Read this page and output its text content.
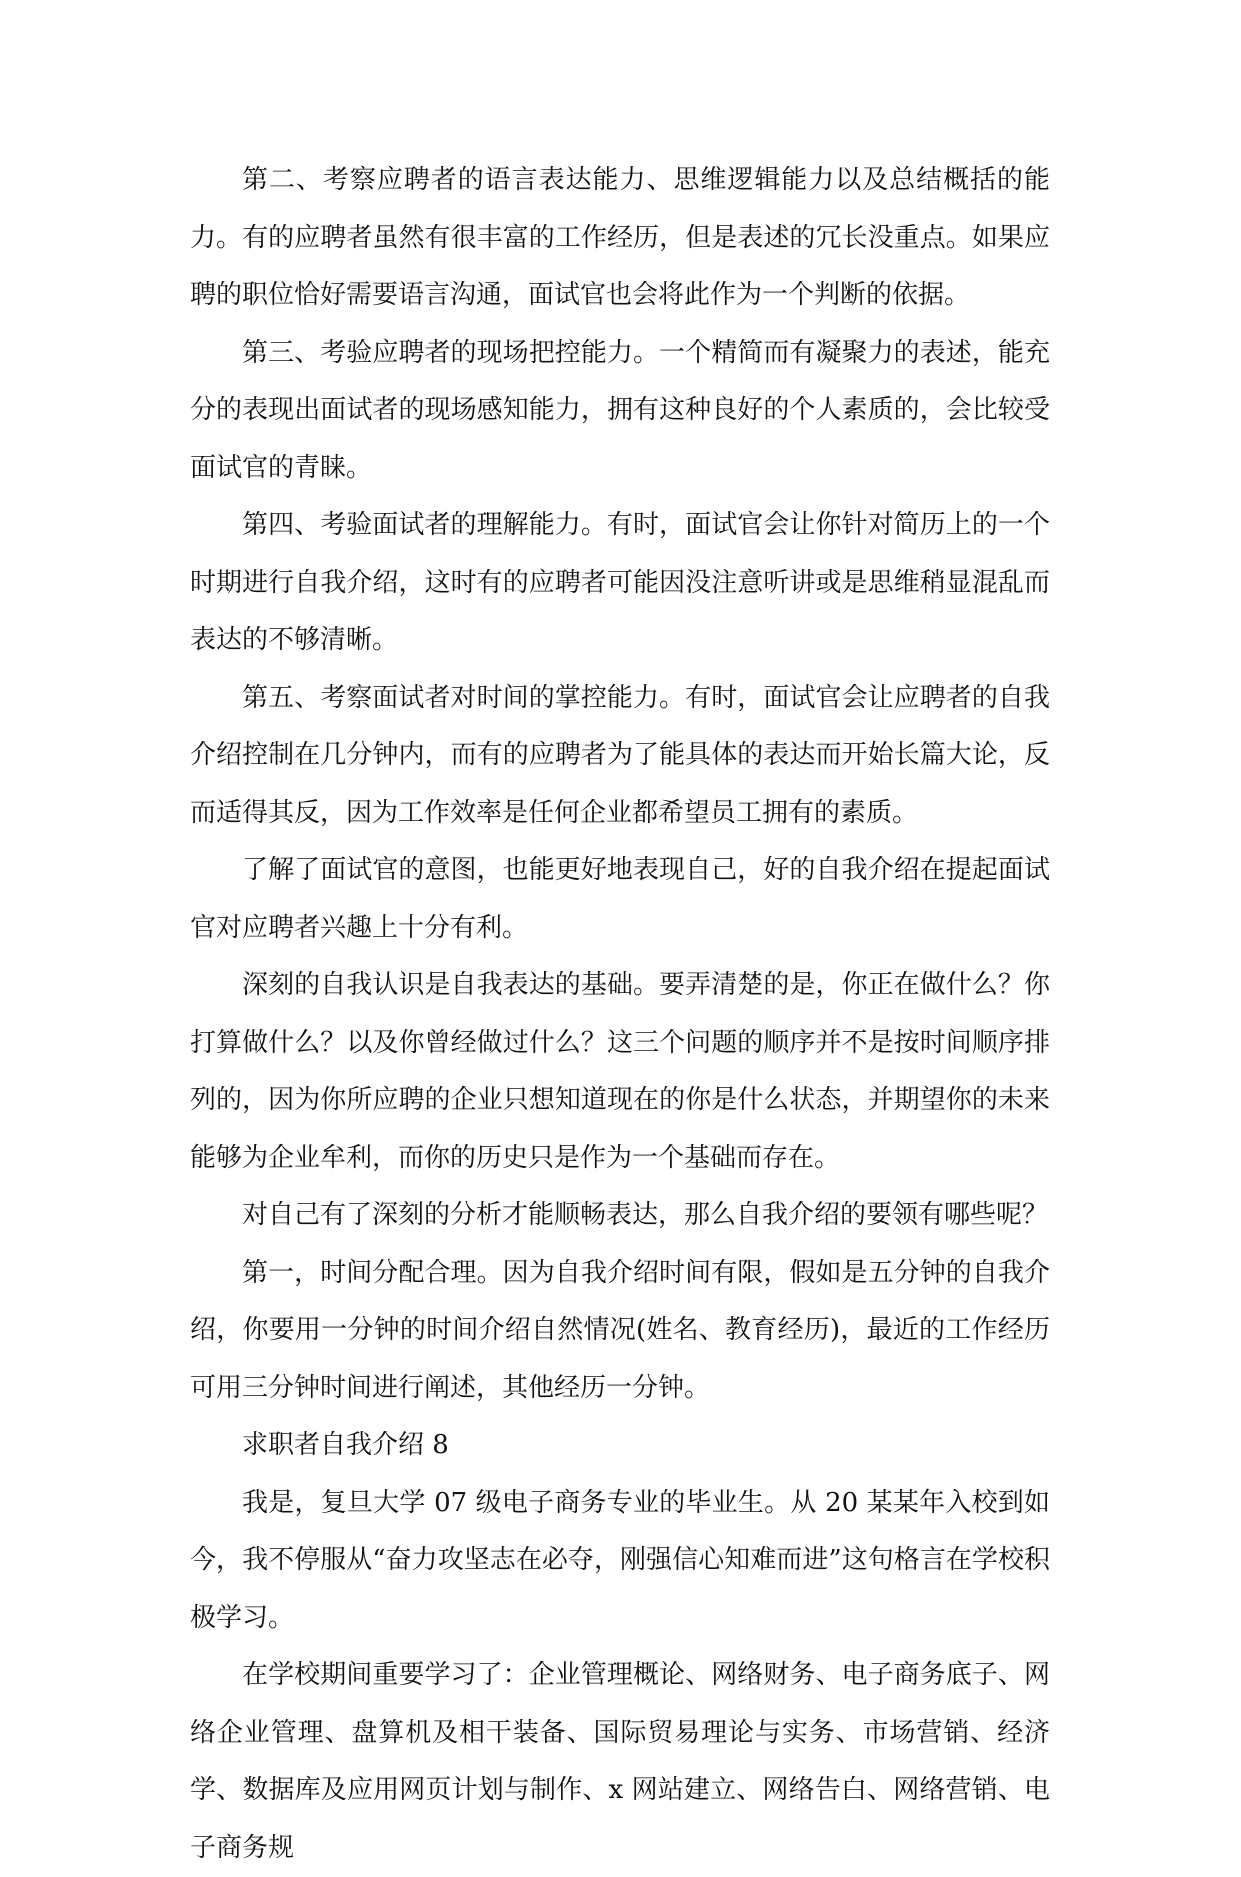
第二、考察应聘者的语言表达能力、思维逻辑能力以及总结概括的能力。有的应聘者虽然有很丰富的工作经历，但是表述的冗长没重点。如果应聘的职位恰好需要语言沟通，面试官也会将此作为一个判断的依据。

第三、考验应聘者的现场把控能力。一个精简而有凝聚力的表述，能充分的表现出面试者的现场感知能力，拥有这种良好的个人素质的，会比较受面试官的青睐。

第四、考验面试者的理解能力。有时，面试官会让你针对简历上的一个时期进行自我介绍，这时有的应聘者可能因没注意听讲或是思维稍显混乱而表达的不够清晰。

第五、考察面试者对时间的掌控能力。有时，面试官会让应聘者的自我介绍控制在几分钟内，而有的应聘者为了能具体的表达而开始长篇大论，反而适得其反，因为工作效率是任何企业都希望员工拥有的素质。

了解了面试官的意图，也能更好地表现自己，好的自我介绍在提起面试官对应聘者兴趣上十分有利。

深刻的自我认识是自我表达的基础。要弄清楚的是，你正在做什么？你打算做什么？以及你曾经做过什么？这三个问题的顺序并不是按时间顺序排列的，因为你所应聘的企业只想知道现在的你是什么状态，并期望你的未来能够为企业牟利，而你的历史只是作为一个基础而存在。

对自己有了深刻的分析才能顺畅表达，那么自我介绍的要领有哪些呢？

第一，时间分配合理。因为自我介绍时间有限，假如是五分钟的自我介绍，你要用一分钟的时间介绍自然情况(姓名、教育经历)，最近的工作经历可用三分钟时间进行阐述，其他经历一分钟。

求职者自我介绍 8

我是，复旦大学 07 级电子商务专业的毕业生。从 20 某某年入校到如今，我不停服从“奋力攻坚志在必夺，刚强信心知难而进”这句格言在学校积极学习。

在学校期间重要学习了：企业管理概论、网络财务、电子商务底子、网络企业管理、盘算机及相干装备、国际贸易理论与实务、市场营销、经济学、数据库及应用网页计划与制作、x 网站建立、网络告白、网络营销、电子商务规
